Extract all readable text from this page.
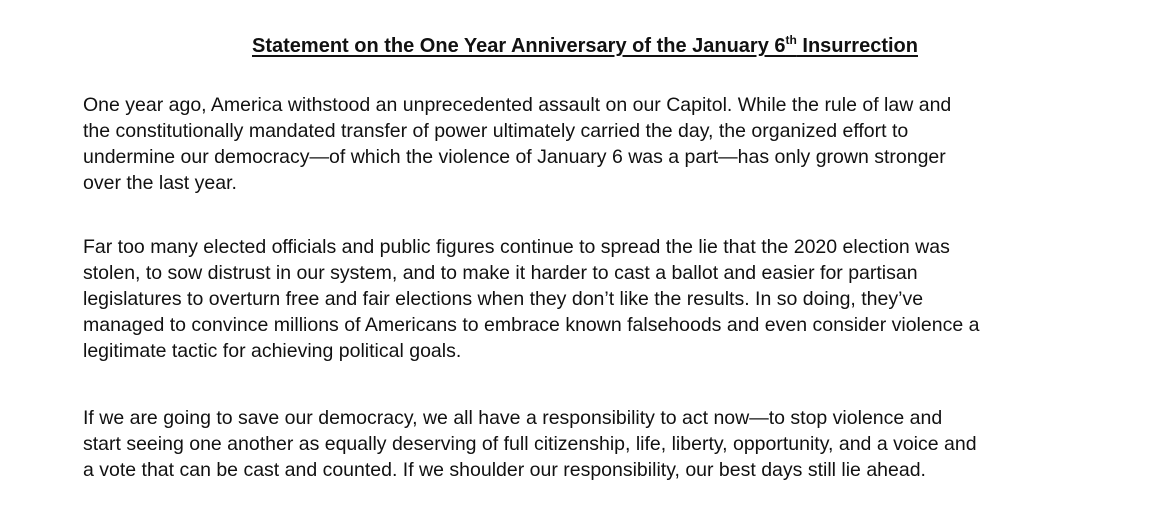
Statement on the One Year Anniversary of the January 6th Insurrection
One year ago, America withstood an unprecedented assault on our Capitol. While the rule of law and
the constitutionally mandated transfer of power ultimately carried the day, the organized effort to
undermine our democracy—of which the violence of January 6 was a part—has only grown stronger
over the last year.
Far too many elected officials and public figures continue to spread the lie that the 2020 election was
stolen, to sow distrust in our system, and to make it harder to cast a ballot and easier for partisan
legislatures to overturn free and fair elections when they don’t like the results. In so doing, they’ve
managed to convince millions of Americans to embrace known falsehoods and even consider violence a
legitimate tactic for achieving political goals.
If we are going to save our democracy, we all have a responsibility to act now—to stop violence and
start seeing one another as equally deserving of full citizenship, life, liberty, opportunity, and a voice and
a vote that can be cast and counted. If we shoulder our responsibility, our best days still lie ahead.
